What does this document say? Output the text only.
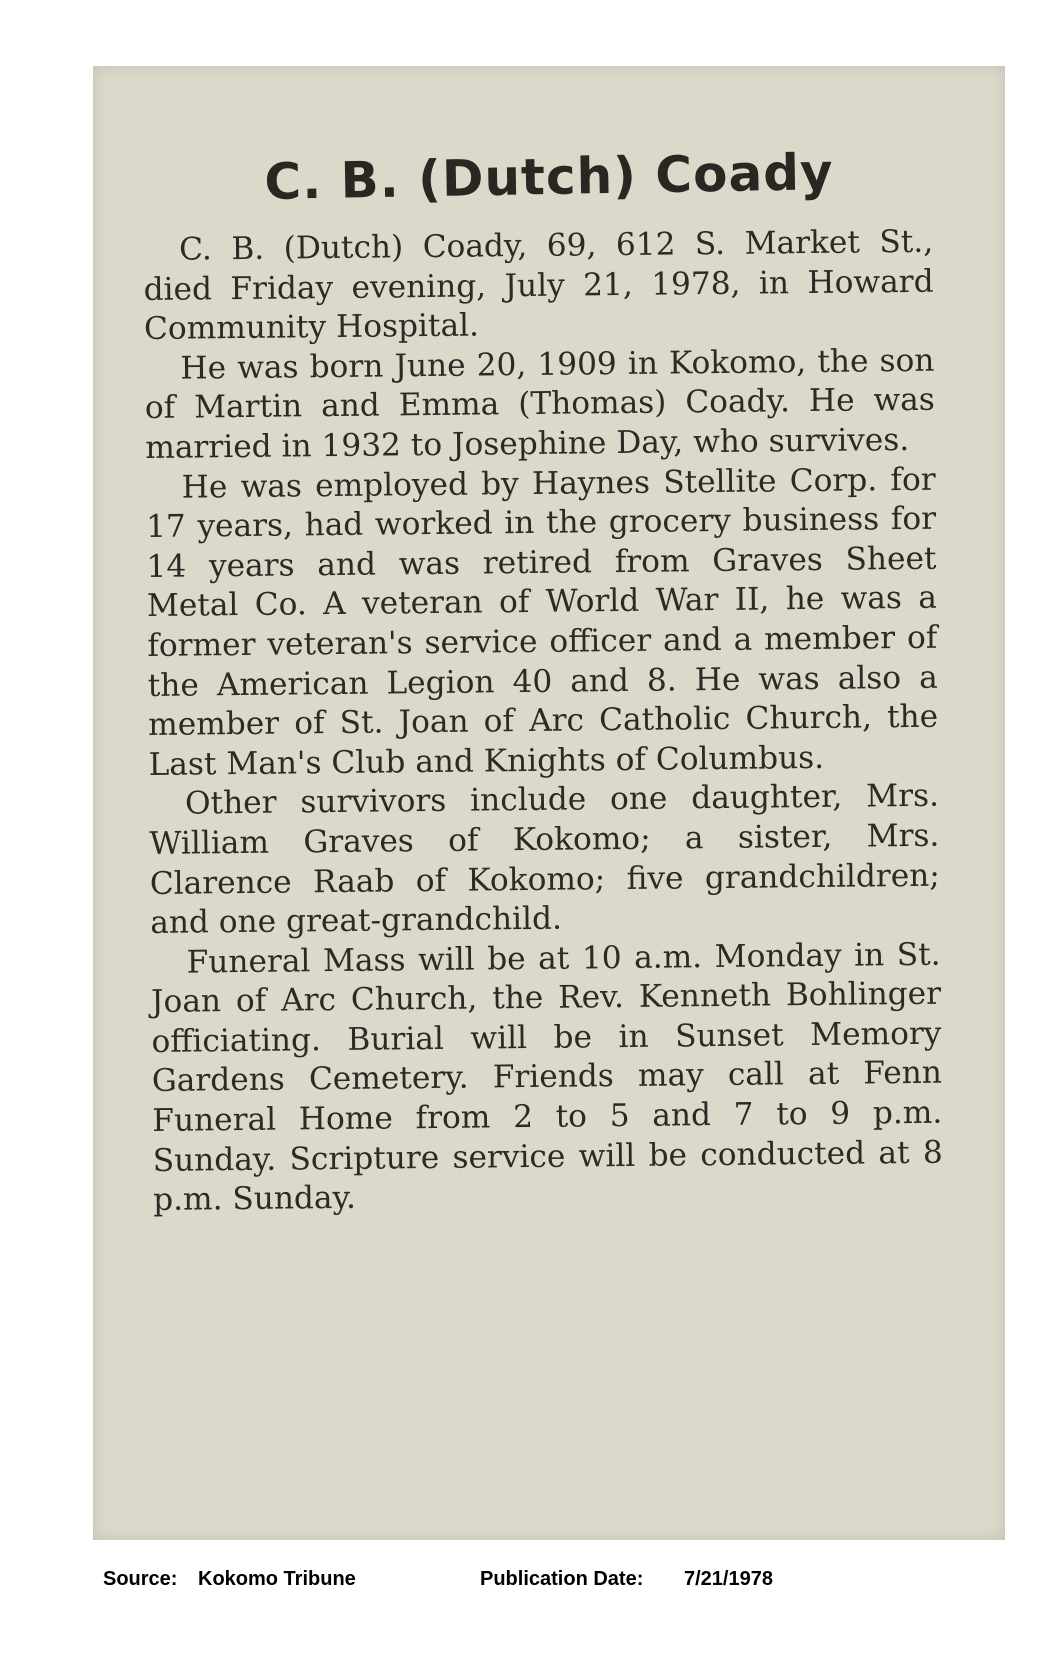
C. B. (Dutch) Coady

C. B. (Dutch) Coady, 69, 612 S. Market St., died Friday evening, July 21, 1978, in Howard Community Hospital.

He was born June 20, 1909 in Kokomo, the son of Martin and Emma (Thomas) Coady. He was married in 1932 to Josephine Day, who survives.

He was employed by Haynes Stellite Corp. for 17 years, had worked in the grocery business for 14 years and was retired from Graves Sheet Metal Co. A veteran of World War II, he was a former veteran's service officer and a member of the American Legion 40 and 8. He was also a member of St. Joan of Arc Catholic Church, the Last Man's Club and Knights of Columbus.

Other survivors include one daughter, Mrs. William Graves of Kokomo; a sister, Mrs. Clarence Raab of Kokomo; five grandchildren; and one great-grandchild.

Funeral Mass will be at 10 a.m. Monday in St. Joan of Arc Church, the Rev. Kenneth Bohlinger officiating. Burial will be in Sunset Memory Gardens Cemetery. Friends may call at Fenn Funeral Home from 2 to 5 and 7 to 9 p.m. Sunday. Scripture service will be conducted at 8 p.m. Sunday.

Source: Kokomo Tribune	Publication Date: 7/21/1978
